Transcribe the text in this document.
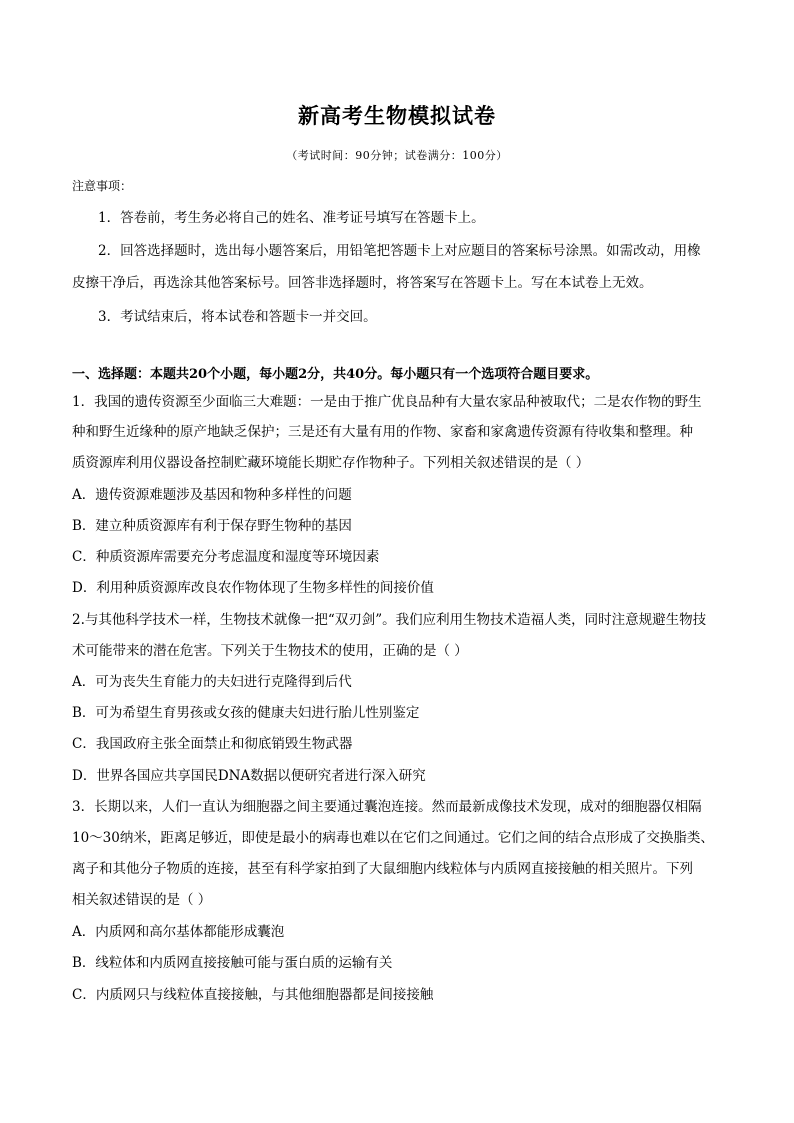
新高考生物模拟试卷
（考试时间：90分钟；试卷满分：100分）
注意事项：
1．答卷前，考生务必将自己的姓名、准考证号填写在答题卡上。
2．回答选择题时，选出每小题答案后，用铅笔把答题卡上对应题目的答案标号涂黑。如需改动，用橡
皮擦干净后，再选涂其他答案标号。回答非选择题时，将答案写在答题卡上。写在本试卷上无效。
3．考试结束后，将本试卷和答题卡一并交回。
一、选择题：本题共20个小题，每小题2分，共40分。每小题只有一个选项符合题目要求。
1．我国的遗传资源至少面临三大难题：一是由于推广优良品种有大量农家品种被取代；二是农作物的野生
种和野生近缘种的原产地缺乏保护；三是还有大量有用的作物、家畜和家禽遗传资源有待收集和整理。种
质资源库利用仪器设备控制贮藏环境能长期贮存作物种子。下列相关叙述错误的是（ ）
A．遗传资源难题涉及基因和物种多样性的问题
B．建立种质资源库有利于保存野生物种的基因
C．种质资源库需要充分考虑温度和湿度等环境因素
D．利用种质资源库改良农作物体现了生物多样性的间接价值
2.与其他科学技术一样，生物技术就像一把“双刃剑”。我们应利用生物技术造福人类，同时注意规避生物技
术可能带来的潜在危害。下列关于生物技术的使用，正确的是（ ）
A．可为丧失生育能力的夫妇进行克隆得到后代
B．可为希望生育男孩或女孩的健康夫妇进行胎儿性别鉴定
C．我国政府主张全面禁止和彻底销毁生物武器
D．世界各国应共享国民DNA数据以便研究者进行深入研究
3．长期以来，人们一直认为细胞器之间主要通过囊泡连接。然而最新成像技术发现，成对的细胞器仅相隔
10～30纳米，距离足够近，即使是最小的病毒也难以在它们之间通过。它们之间的结合点形成了交换脂类、
离子和其他分子物质的连接，甚至有科学家拍到了大鼠细胞内线粒体与内质网直接接触的相关照片。下列
相关叙述错误的是（ ）
A．内质网和高尔基体都能形成囊泡
B．线粒体和内质网直接接触可能与蛋白质的运输有关
C．内质网只与线粒体直接接触，与其他细胞器都是间接接触
